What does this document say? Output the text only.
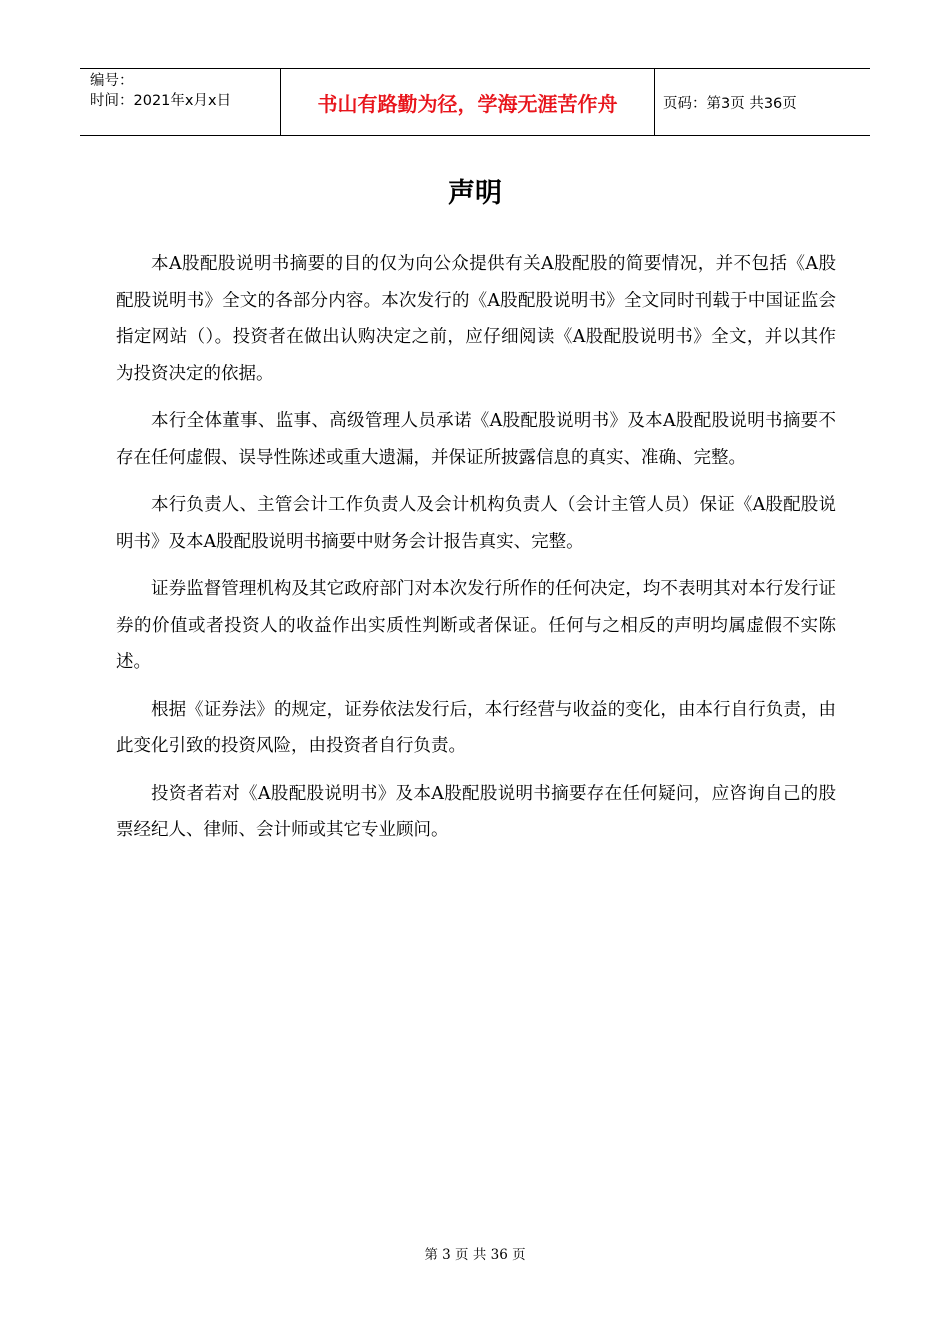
编号：
时间：2021年x月x日	书山有路勤为径，学海无涯苦作舟	页码：第3页 共36页
声明

本A股配股说明书摘要的目的仅为向公众提供有关A股配股的简要情况，并不包括《A股配股说明书》全文的各部分内容。本次发行的《A股配股说明书》全文同时刊载于中国证监会指定网站（）。投资者在做出认购决定之前，应仔细阅读《A股配股说明书》全文，并以其作为投资决定的依据。

本行全体董事、监事、高级管理人员承诺《A股配股说明书》及本A股配股说明书摘要不存在任何虚假、误导性陈述或重大遗漏，并保证所披露信息的真实、准确、完整。

本行负责人、主管会计工作负责人及会计机构负责人（会计主管人员）保证《A股配股说明书》及本A股配股说明书摘要中财务会计报告真实、完整。

证券监督管理机构及其它政府部门对本次发行所作的任何决定，均不表明其对本行发行证券的价值或者投资人的收益作出实质性判断或者保证。任何与之相反的声明均属虚假不实陈述。

根据《证券法》的规定，证券依法发行后，本行经营与收益的变化，由本行自行负责，由此变化引致的投资风险，由投资者自行负责。

投资者若对《A股配股说明书》及本A股配股说明书摘要存在任何疑问，应咨询自己的股票经纪人、律师、会计师或其它专业顾问。

第 3 页 共 36 页
